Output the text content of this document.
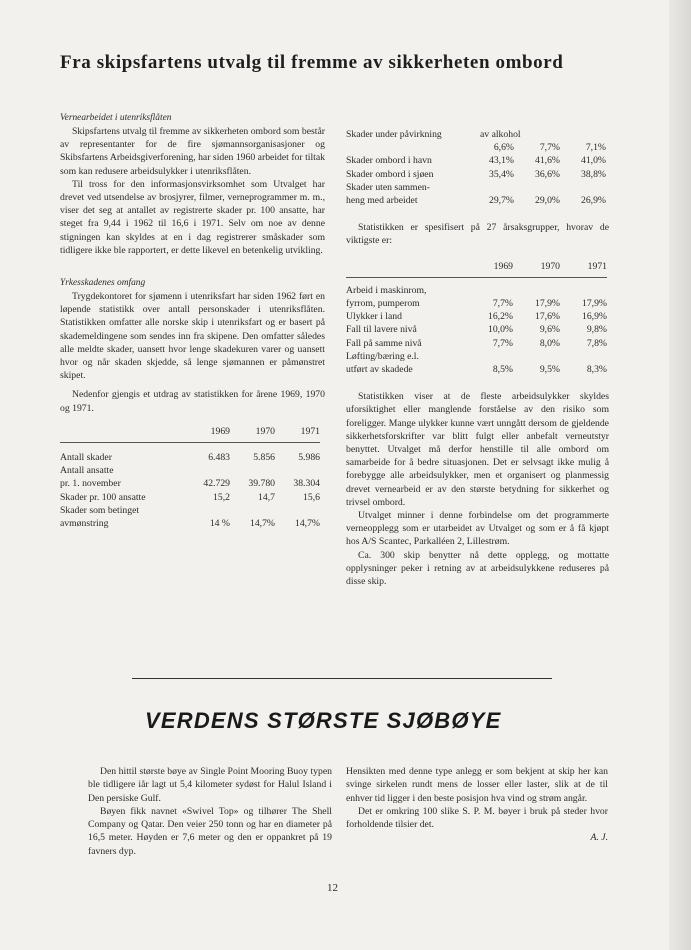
Fra skipsfartens utvalg til fremme av sikkerheten ombord

Vernearbeidet i utenriksflåten

Skipsfartens utvalg til fremme av sikkerheten ombord som består av representanter for de fire sjømannsorganisasjoner og Skibsfartens Arbeidsgiverforening, har siden 1960 arbeidet for tiltak som kan redusere arbeidsulykker i utenriksflåten.

Til tross for den informasjonsvirksomhet som Utvalget har drevet ved utsendelse av brosjyrer, filmer, verneprogrammer m. m., viser det seg at antallet av registrerte skader pr. 100 ansatte, har steget fra 9,44 i 1962 til 16,6 i 1971. Selv om noe av denne stigningen kan skyldes at en i dag registrerer småskader som tidligere ikke ble rapportert, er dette likevel en betenkelig utvikling.

Yrkesskadenes omfang

Trygdekontoret for sjømenn i utenriksfart har siden 1962 ført en løpende statistikk over antall personskader i utenriksflåten. Statistikken omfatter alle norske skip i utenriksfart og er basert på skademeldingene som sendes inn fra skipene. Den omfatter således alle meldte skader, uansett hvor lenge skadekuren varer og uansett hvor og når skaden skjedde, så lenge sjømannen er påmønstret skipet.

Nedenfor gjengis et utdrag av statistikken for årene 1969, 1970 og 1971.

	1969	1970	1971
Antall skader	6.483	5.856	5.986
Antall ansatte			
pr. 1. november	42.729	39.780	38.304
Skader pr. 100 ansatte	15,2	14,7	15,6
Skader som betinget			
avmønstring	14 %	14,7%	14,7%
Skader under påvirkning	av alkohol		
	6,6%	7,7%	7,1%
Skader ombord i havn	43,1%	41,6%	41,0%
Skader ombord i sjøen	35,4%	36,6%	38,8%
Skader uten sammen-			
heng med arbeidet	29,7%	29,0%	26,9%

Statistikken er spesifisert på 27 årsaksgrupper, hvorav de viktigste er:

	1969	1970	1971
Arbeid i maskinrom,			
fyrrom, pumperom	7,7%	17,9%	17,9%
Ulykker i land	16,2%	17,6%	16,9%
Fall til lavere nivå	10,0%	9,6%	9,8%
Fall på samme nivå	7,7%	8,0%	7,8%
Løfting/bæring e.l.			
utført av skadede	8,5%	9,5%	8,3%

Statistikken viser at de fleste arbeidsulykker skyldes uforsiktighet eller manglende forståelse av den risiko som foreligger. Mange ulykker kunne vært unngått dersom de gjeldende sikkerhetsforskrifter var blitt fulgt eller anbefalt verneutstyr benyttet. Utvalget må derfor henstille til alle ombord om samarbeide for å bedre situasjonen. Det er selvsagt ikke mulig å forebygge alle arbeidsulykker, men et organisert og planmessig drevet vernearbeid er av den største betydning for sikkerhet og trivsel ombord.

Utvalget minner i denne forbindelse om det programmerte verneopplegg som er utarbeidet av Utvalget og som er å få kjøpt hos A/S Scantec, Parkalléen 2, Lillestrøm.

Ca. 300 skip benytter nå dette opplegg, og mottatte opplysninger peker i retning av at arbeidsulykkene reduseres på disse skip.

VERDENS STØRSTE SJØBØYE

Den hittil største bøye av Single Point Mooring Buoy typen ble tidligere iår lagt ut 5,4 kilometer sydøst for Halul Island i Den persiske Gulf.

Bøyen fikk navnet «Swivel Top» og tilhører The Shell Company og Qatar. Den veier 250 tonn og har en diameter på 16,5 meter. Høyden er 7,6 meter og den er oppankret på 19 favners dyp.

Hensikten med denne type anlegg er som bekjent at skip her kan svinge sirkelen rundt mens de losser eller laster, slik at de til enhver tid ligger i den beste posisjon hva vind og strøm angår.

Det er omkring 100 slike S. P. M. bøyer i bruk på steder hvor forholdende tilsier det.

A. J.

12
